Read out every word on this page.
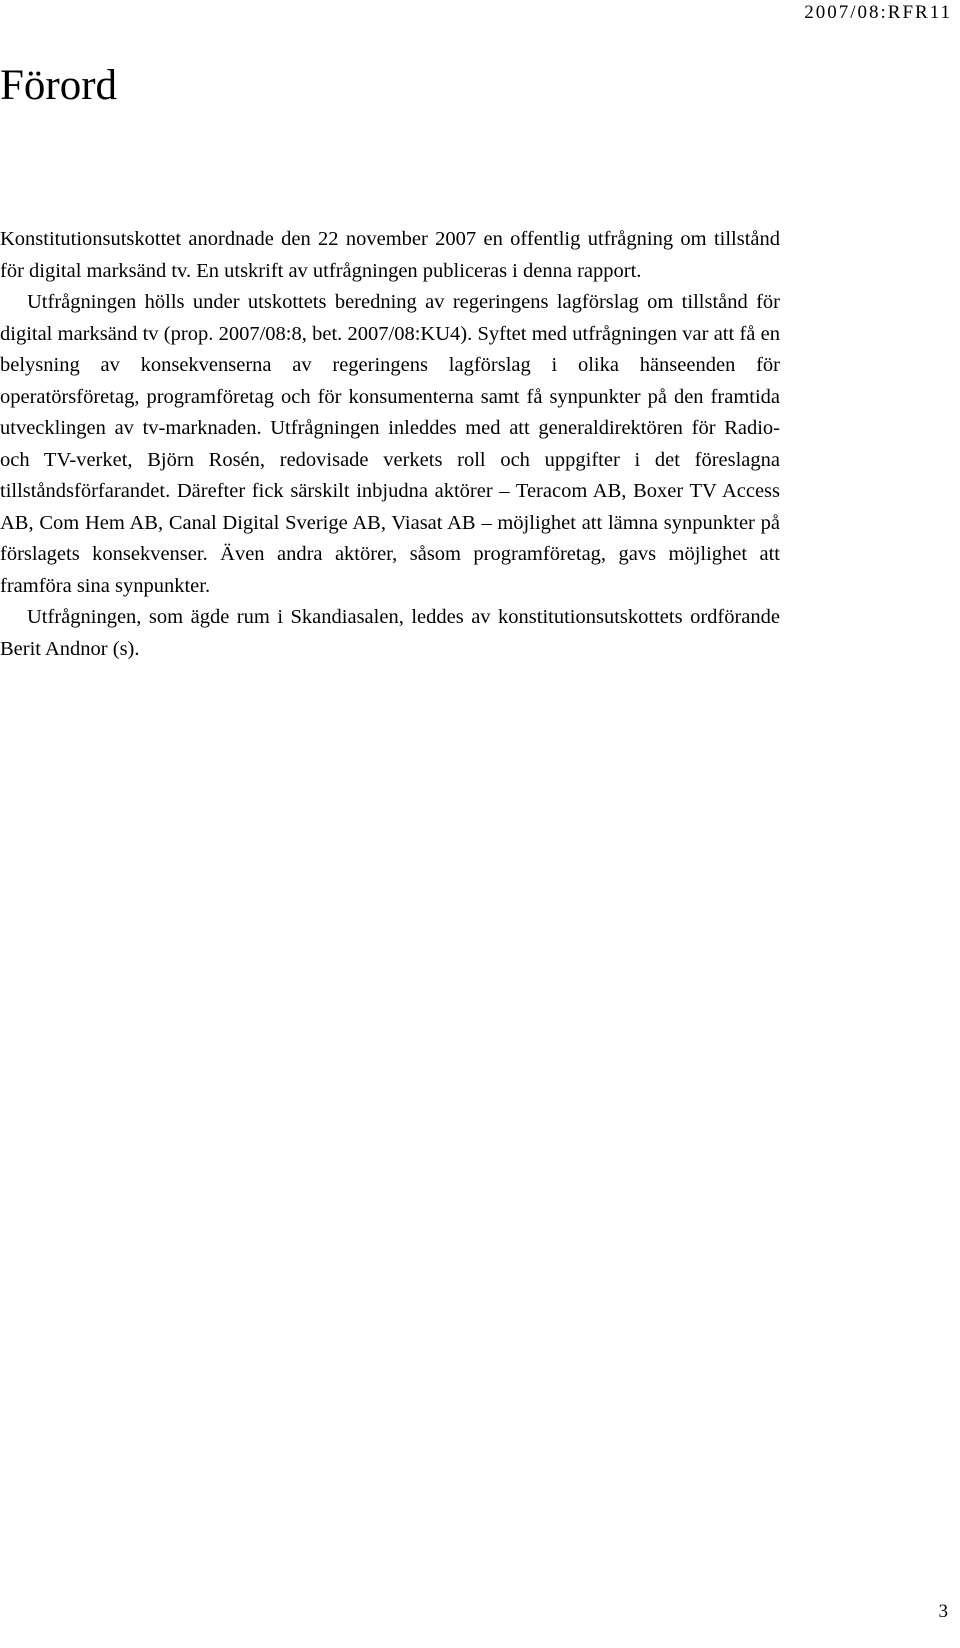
2007/08:RFR11
Förord

Konstitutionsutskottet anordnade den 22 november 2007 en offentlig utfrågning om tillstånd för digital marksänd tv. En utskrift av utfrågningen publiceras i denna rapport.

Utfrågningen hölls under utskottets beredning av regeringens lagförslag om tillstånd för digital marksänd tv (prop. 2007/08:8, bet. 2007/08:KU4). Syftet med utfrågningen var att få en belysning av konsekvenserna av regeringens lagförslag i olika hänseenden för operatörsföretag, programföretag och för konsumenterna samt få synpunkter på den framtida utvecklingen av tv-marknaden. Utfrågningen inleddes med att generaldirektören för Radio- och TV-verket, Björn Rosén, redovisade verkets roll och uppgifter i det föreslagna tillståndsförfarandet. Därefter fick särskilt inbjudna aktörer – Teracom AB, Boxer TV Access AB, Com Hem AB, Canal Digital Sverige AB, Viasat AB – möjlighet att lämna synpunkter på förslagets konsekvenser. Även andra aktörer, såsom programföretag, gavs möjlighet att framföra sina synpunkter.

Utfrågningen, som ägde rum i Skandiasalen, leddes av konstitutionsutskottets ordförande Berit Andnor (s).

3
